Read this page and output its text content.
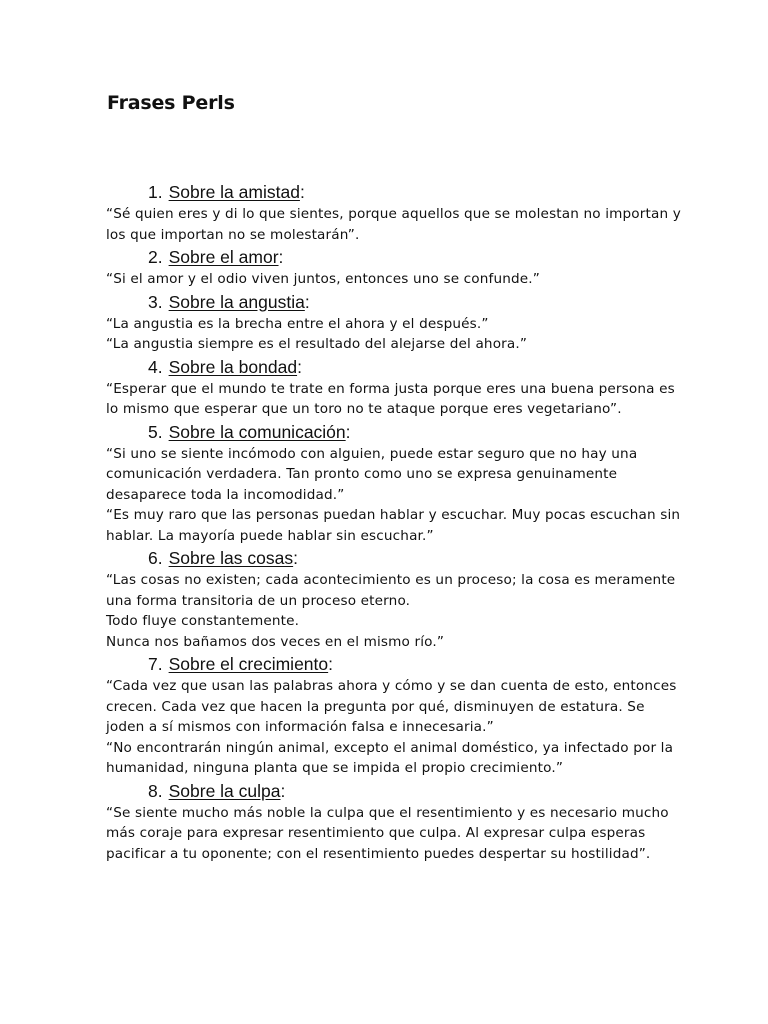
Frases Perls
1. Sobre la amistad:

“Sé quien eres y di lo que sientes, porque aquellos que se molestan no importan y los que importan no se molestarán”.

2. Sobre el amor:

“Si el amor y el odio viven juntos, entonces uno se confunde.”

3. Sobre la angustia:

“La angustia es la brecha entre el ahora y el después.”

“La angustia siempre es el resultado del alejarse del ahora.”

4. Sobre la bondad:

“Esperar que el mundo te trate en forma justa porque eres una buena persona es lo mismo que esperar que un toro no te ataque porque eres vegetariano”.

5. Sobre la comunicación:

“Si uno se siente incómodo con alguien, puede estar seguro que no hay una comunicación verdadera. Tan pronto como uno se expresa genuinamente desaparece toda la incomodidad.”

“Es muy raro que las personas puedan hablar y escuchar. Muy pocas escuchan sin hablar. La mayoría puede hablar sin escuchar.”

6. Sobre las cosas:

“Las cosas no existen; cada acontecimiento es un proceso; la cosa es meramente una forma transitoria de un proceso eterno.

Todo fluye constantemente.

Nunca nos bañamos dos veces en el mismo río.”

7. Sobre el crecimiento:

“Cada vez que usan las palabras ahora y cómo y se dan cuenta de esto, entonces crecen. Cada vez que hacen la pregunta por qué, disminuyen de estatura. Se joden a sí mismos con información falsa e innecesaria.”

“No encontrarán ningún animal, excepto el animal doméstico, ya infectado por la humanidad, ninguna planta que se impida el propio crecimiento.”

8. Sobre la culpa:

“Se siente mucho más noble la culpa que el resentimiento y es necesario mucho más coraje para expresar resentimiento que culpa. Al expresar culpa esperas pacificar a tu oponente; con el resentimiento puedes despertar su hostilidad”.
